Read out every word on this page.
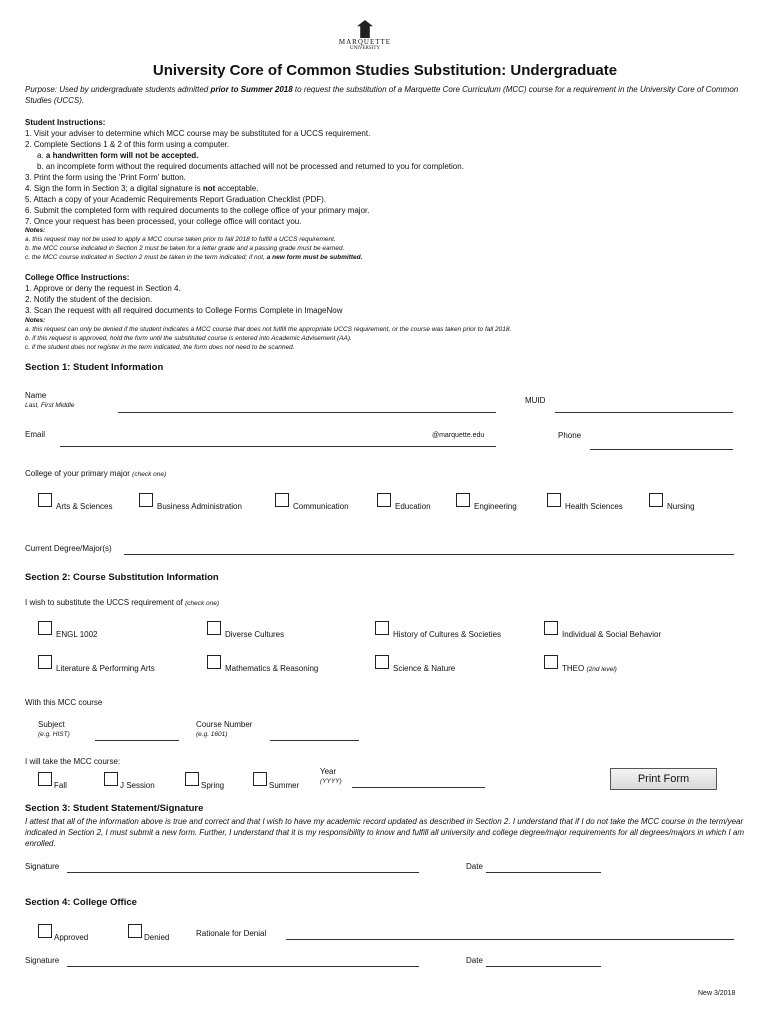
MARQUETTE
UNIVERSITY
University Core of Common Studies Substitution: Undergraduate
Purpose: Used by undergraduate students admitted prior to Summer 2018 to request the substitution of a Marquette Core Curriculum (MCC) course for a requirement in the University Core of Common Studies (UCCS).
Student Instructions:
1. Visit your adviser to determine which MCC course may be substituted for a UCCS requirement.
2. Complete Sections 1 & 2 of this form using a computer.
a. a handwritten form will not be accepted.
b. an incomplete form without the required documents attached will not be processed and returned to you for completion.
3. Print the form using the 'Print Form' button.
4. Sign the form in Section 3; a digital signature is not acceptable.
5. Attach a copy of your Academic Requirements Report Graduation Checklist (PDF).
6. Submit the completed form with required documents to the college office of your primary major.
7. Once your request has been processed, your college office will contact you.
Notes:
a. this request may not be used to apply a MCC course taken prior to fall 2018 to fulfill a UCCS requirement.
b. the MCC course indicated in Section 2 must be taken for a letter grade and a passing grade must be earned.
c. the MCC course indicated in Section 2 must be taken in the term indicated; if not, a new form must be submitted.
College Office Instructions:
1. Approve or deny the request in Section 4.
2. Notify the student of the decision.
3. Scan the request with all required documents to College Forms Complete in ImageNow
Notes:
a. this request can only be denied if the student indicates a MCC course that does not fulfill the appropriate UCCS requirement, or the course was taken prior to fall 2018.
b. if this request is approved, hold the form until the substituted course is entered into Academic Advisement (AA).
c. if the student does not register in the term indicated, the form does not need to be scanned.
Section 1: Student Information
Name
Last, First Middle
MUID
Email	@marquette.edu	Phone
College of your primary major (check one)
Arts & Sciences	Business Administration	Communication	Education	Engineering	Health Sciences	Nursing
Current Degree/Major(s)
Section 2: Course Substitution Information
I wish to substitute the UCCS requirement of (check one)
ENGL 1002	Diverse Cultures	History of Cultures & Societies	Individual & Social Behavior
Literature & Performing Arts	Mathematics & Reasoning	Science & Nature	THEO (2nd level)
With this MCC course
Subject
(e.g. HIST)
Course Number
(e.g. 1601)
I will take the MCC course:
Fall	J Session	Spring	Summer
Year
(YYYY)	Print Form
Section 3: Student Statement/Signature
I attest that all of the information above is true and correct and that I wish to have my academic record updated as described in Section 2. I understand that if I do not take the MCC course in the term/year indicated in Section 2, I must submit a new form. Further, I understand that it is my responsibility to know and fulfill all university and college degree/major requirements for all degrees/majors in which I am enrolled.
Signature	Date
Section 4: College Office
Approved	Denied	Rationale for Denial
Signature	Date
New 3/2018
